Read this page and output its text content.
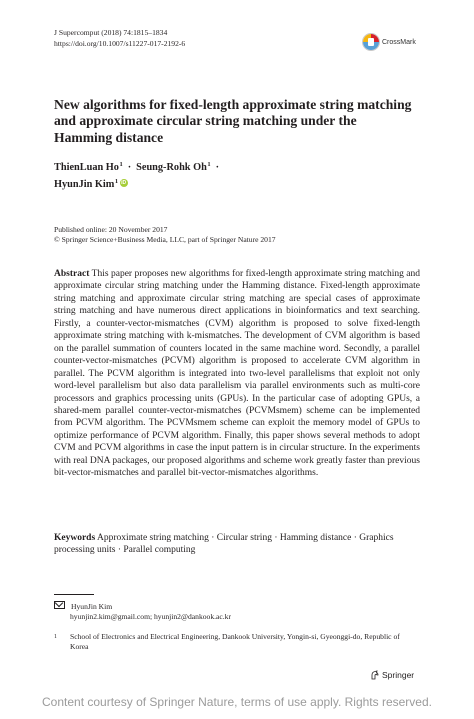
J Supercomput (2018) 74:1815–1834
https://doi.org/10.1007/s11227-017-2192-6	CrossMark
New algorithms for fixed-length approximate string matching and approximate circular string matching under the Hamming distance
ThienLuan $Ho^1$ · Seung-Rohk $Oh^1$ ·
HyunJin Kim$^1$iD
Published online: 20 November 2017
© Springer Science+Business Media, LLC, part of Springer Nature 2017
Abstract This paper proposes new algorithms for fixed-length approximate string matching and approximate circular string matching under the Hamming distance. Fixed-length approximate string matching and approximate circular string matching are special cases of approximate string matching and have numerous direct applications in bioinformatics and text searching. Firstly, a counter-vector-mismatches (CVM) algorithm is proposed to solve fixed-length approximate string matching with k-mismatches. The development of CVM algorithm is based on the parallel summation of counters located in the same machine word. Secondly, a parallel counter-vector-mismatches (PCVM) algorithm is proposed to accelerate CVM algorithm in parallel. The PCVM algorithm is integrated into two-level parallelisms that exploit not only word-level parallelism but also data parallelism via parallel environments such as multi-core processors and graphics processing units (GPUs). In the particular case of adopting GPUs, a shared-mem parallel counter-vector-mismatches (PCVMsmem) scheme can be implemented from PCVM algorithm. The PCVMsmem scheme can exploit the memory model of GPUs to optimize performance of PCVM algorithm. Finally, this paper shows several methods to adopt CVM and PCVM algorithms in case the input pattern is in circular structure. In the experiments with real DNA packages, our proposed algorithms and scheme work greatly faster than previous bit-vector-mismatches and parallel bit-vector-mismatches algorithms.
Keywords Approximate string matching · Circular string · Hamming distance · Graphics processing units · Parallel computing
HyunJin Kim
hyunjin2.kim@gmail.com; hyunjin2@dankook.ac.kr
1	School of Electronics and Electrical Engineering, Dankook University, Yongin-si, Gyeonggi-do, Republic of Korea
Springer
Content courtesy of Springer Nature, terms of use apply. Rights reserved.
